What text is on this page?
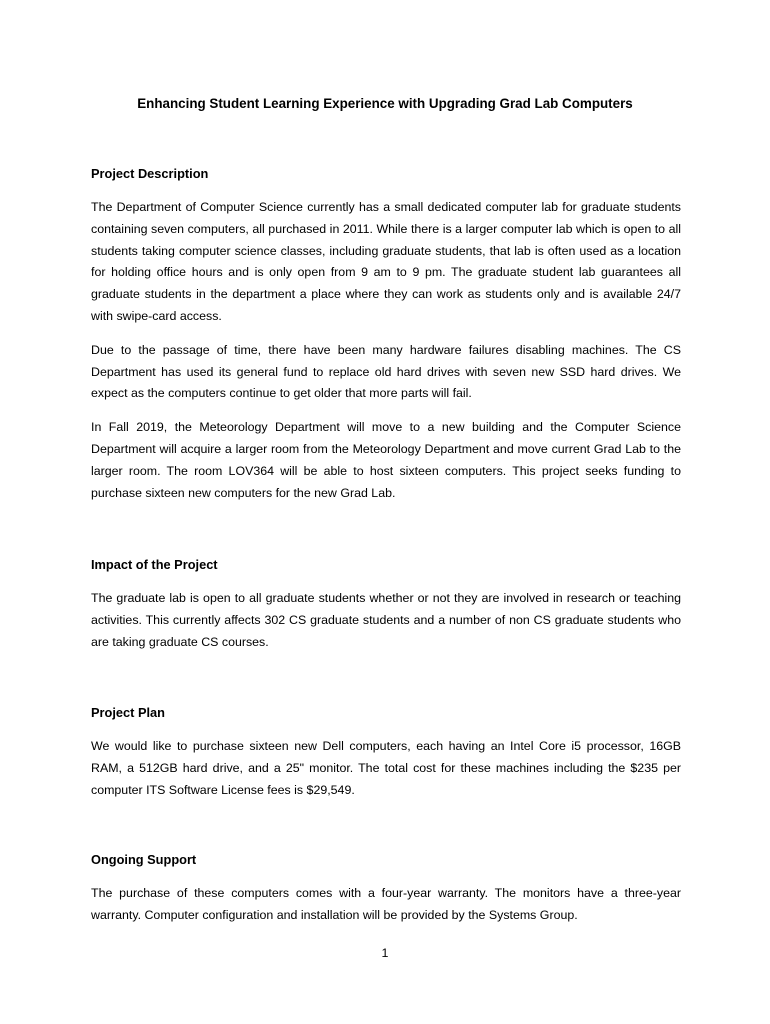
Enhancing Student Learning Experience with Upgrading Grad Lab Computers
Project Description

The Department of Computer Science currently has a small dedicated computer lab for graduate students containing seven computers, all purchased in 2011. While there is a larger computer lab which is open to all students taking computer science classes, including graduate students, that lab is often used as a location for holding office hours and is only open from 9 am to 9 pm. The graduate student lab guarantees all graduate students in the department a place where they can work as students only and is available 24/7 with swipe-card access.

Due to the passage of time, there have been many hardware failures disabling machines. The CS Department has used its general fund to replace old hard drives with seven new SSD hard drives. We expect as the computers continue to get older that more parts will fail.

In Fall 2019, the Meteorology Department will move to a new building and the Computer Science Department will acquire a larger room from the Meteorology Department and move current Grad Lab to the larger room. The room LOV364 will be able to host sixteen computers. This project seeks funding to purchase sixteen new computers for the new Grad Lab.

Impact of the Project

The graduate lab is open to all graduate students whether or not they are involved in research or teaching activities. This currently affects 302 CS graduate students and a number of non CS graduate students who are taking graduate CS courses.

Project Plan

We would like to purchase sixteen new Dell computers, each having an Intel Core i5 processor, 16GB RAM, a 512GB hard drive, and a 25" monitor. The total cost for these machines including the $235 per computer ITS Software License fees is $29,549.

Ongoing Support

The purchase of these computers comes with a four-year warranty. The monitors have a three-year warranty. Computer configuration and installation will be provided by the Systems Group.

1
